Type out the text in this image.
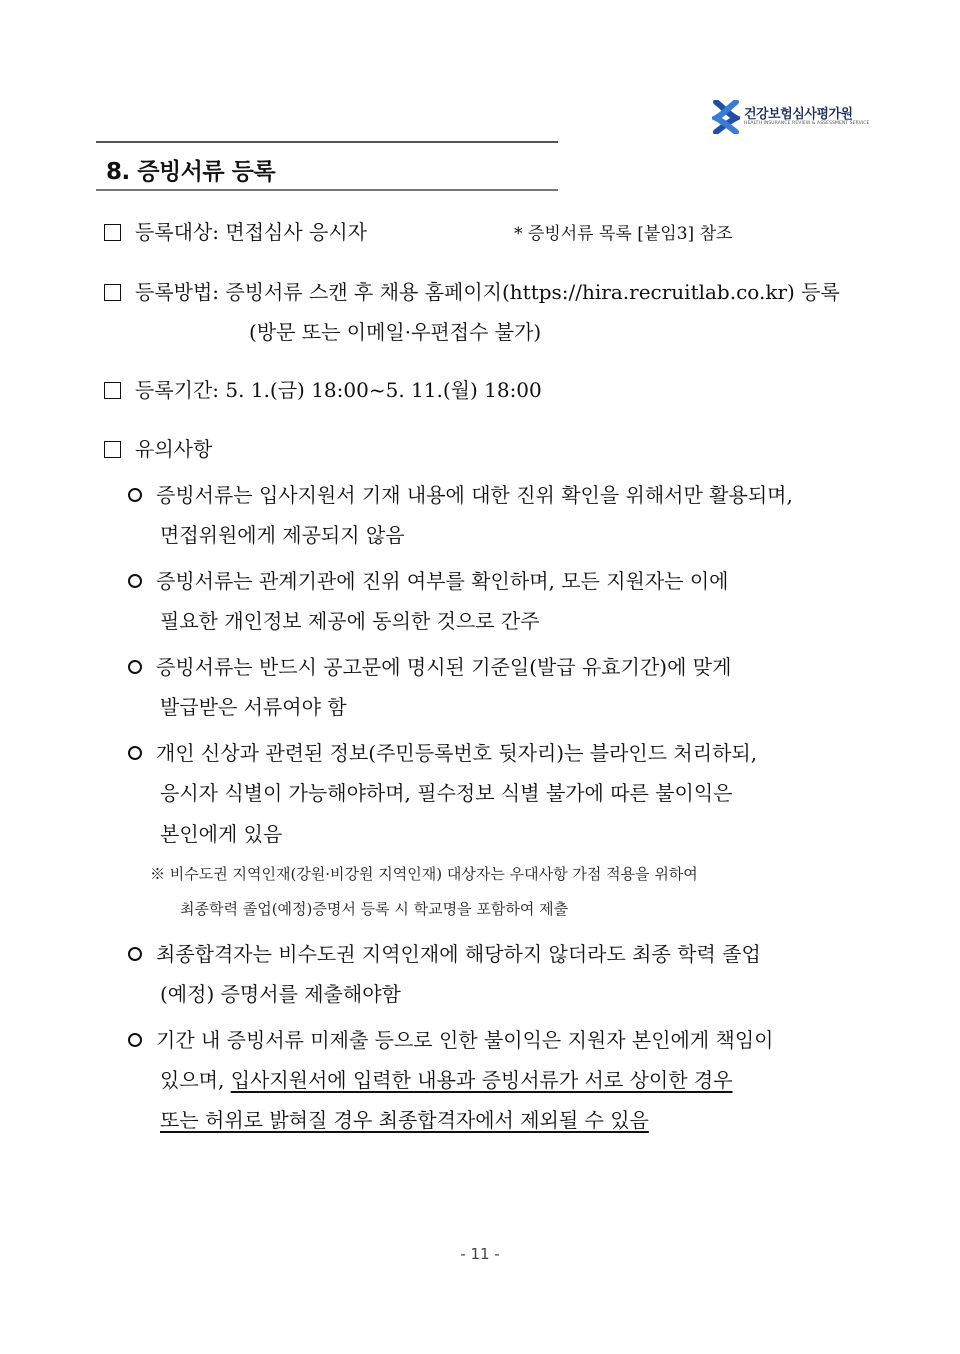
건강보험심사평가원
HEALTH INSURANCE REVIEW & ASSESSMENT SERVICE
8. 증빙서류 등록
등록대상: 면접심사 응시자	* 증빙서류 목록 [붙임3] 참조
등록방법: 증빙서류 스캔 후 채용 홈페이지(https://hira.recruitlab.co.kr) 등록
(방문 또는 이메일·우편접수 불가)
등록기간: 5. 1.(금) 18:00~5. 11.(월) 18:00
유의사항
증빙서류는 입사지원서 기재 내용에 대한 진위 확인을 위해서만 활용되며,
면접위원에게 제공되지 않음
증빙서류는 관계기관에 진위 여부를 확인하며, 모든 지원자는 이에
필요한 개인정보 제공에 동의한 것으로 간주
증빙서류는 반드시 공고문에 명시된 기준일(발급 유효기간)에 맞게
발급받은 서류여야 함
개인 신상과 관련된 정보(주민등록번호 뒷자리)는 블라인드 처리하되,
응시자 식별이 가능해야하며, 필수정보 식별 불가에 따른 불이익은
본인에게 있음
※ 비수도권 지역인재(강원·비강원 지역인재) 대상자는 우대사항 가점 적용을 위하여
최종학력 졸업(예정)증명서 등록 시 학교명을 포함하여 제출
최종합격자는 비수도권 지역인재에 해당하지 않더라도 최종 학력 졸업
(예정) 증명서를 제출해야함
기간 내 증빙서류 미제출 등으로 인한 불이익은 지원자 본인에게 책임이
있으며, 입사지원서에 입력한 내용과 증빙서류가 서로 상이한 경우
또는 허위로 밝혀질 경우 최종합격자에서 제외될 수 있음
- 11 -
